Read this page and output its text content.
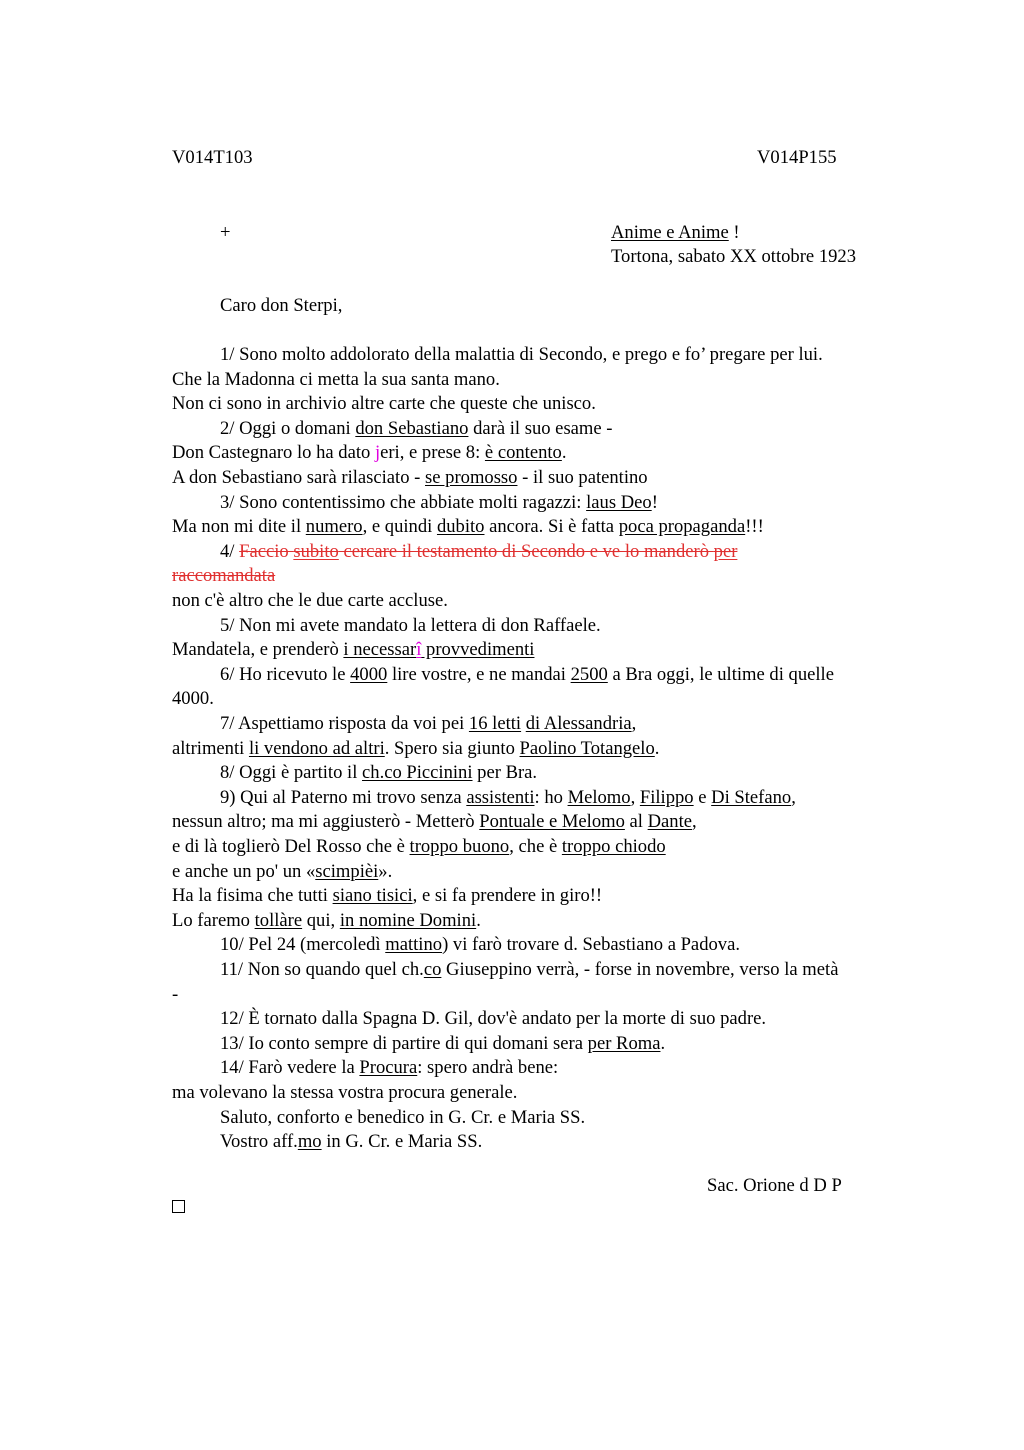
V014T103	V014P155
+	Anime e Anime !
Tortona, sabato XX ottobre 1923
Caro don Sterpi,
1/ Sono molto addolorato della malattia di Secondo, e prego e fo’ pregare per lui.
Che la Madonna ci metta la sua santa mano.
Non ci sono in archivio altre carte che queste che unisco.
2/ Oggi o domani don Sebastiano darà il suo esame -
Don Castegnaro lo ha dato jeri, e prese 8: è contento.
A don Sebastiano sarà rilasciato - se promosso - il suo patentino
3/ Sono contentissimo che abbiate molti ragazzi: laus Deo!
Ma non mi dite il numero, e quindi dubito ancora. Si è fatta poca propaganda!!!
4/ Faccio subito cercare il testamento di Secondo e ve lo manderò per
raccomandata
non c'è altro che le due carte accluse.
5/ Non mi avete mandato la lettera di don Raffaele.
Mandatela, e prenderò i necessarî provvedimenti
6/ Ho ricevuto le 4000 lire vostre, e ne mandai 2500 a Bra oggi, le ultime di quelle
4000.
7/ Aspettiamo risposta da voi pei 16 letti di Alessandria,
altrimenti li vendono ad altri. Spero sia giunto Paolino Totangelo.
8/ Oggi è partito il ch.co Piccinini per Bra.
9) Qui al Paterno mi trovo senza assistenti: ho Melomo, Filippo e Di Stefano,
nessun altro; ma mi aggiusterò - Metterò Pontuale e Melomo al Dante,
e di là toglierò Del Rosso che è troppo buono, che è troppo chiodo
e anche un po' un «scimpièi».
Ha la fisima che tutti siano tisici, e si fa prendere in giro!!
Lo faremo tollàre qui, in nomine Domini.
10/ Pel 24 (mercoledì mattino) vi farò trovare d. Sebastiano a Padova.
11/ Non so quando quel ch.co Giuseppino verrà, - forse in novembre, verso la metà
-
12/ È tornato dalla Spagna D. Gil, dov'è andato per la morte di suo padre.
13/ Io conto sempre di partire di qui domani sera per Roma.
14/ Farò vedere la Procura: spero andrà bene:
ma volevano la stessa vostra procura generale.
Saluto, conforto e benedico in G. Cr. e Maria SS.
Vostro aff.mo in G. Cr. e Maria SS.
Sac. Orione d D P
